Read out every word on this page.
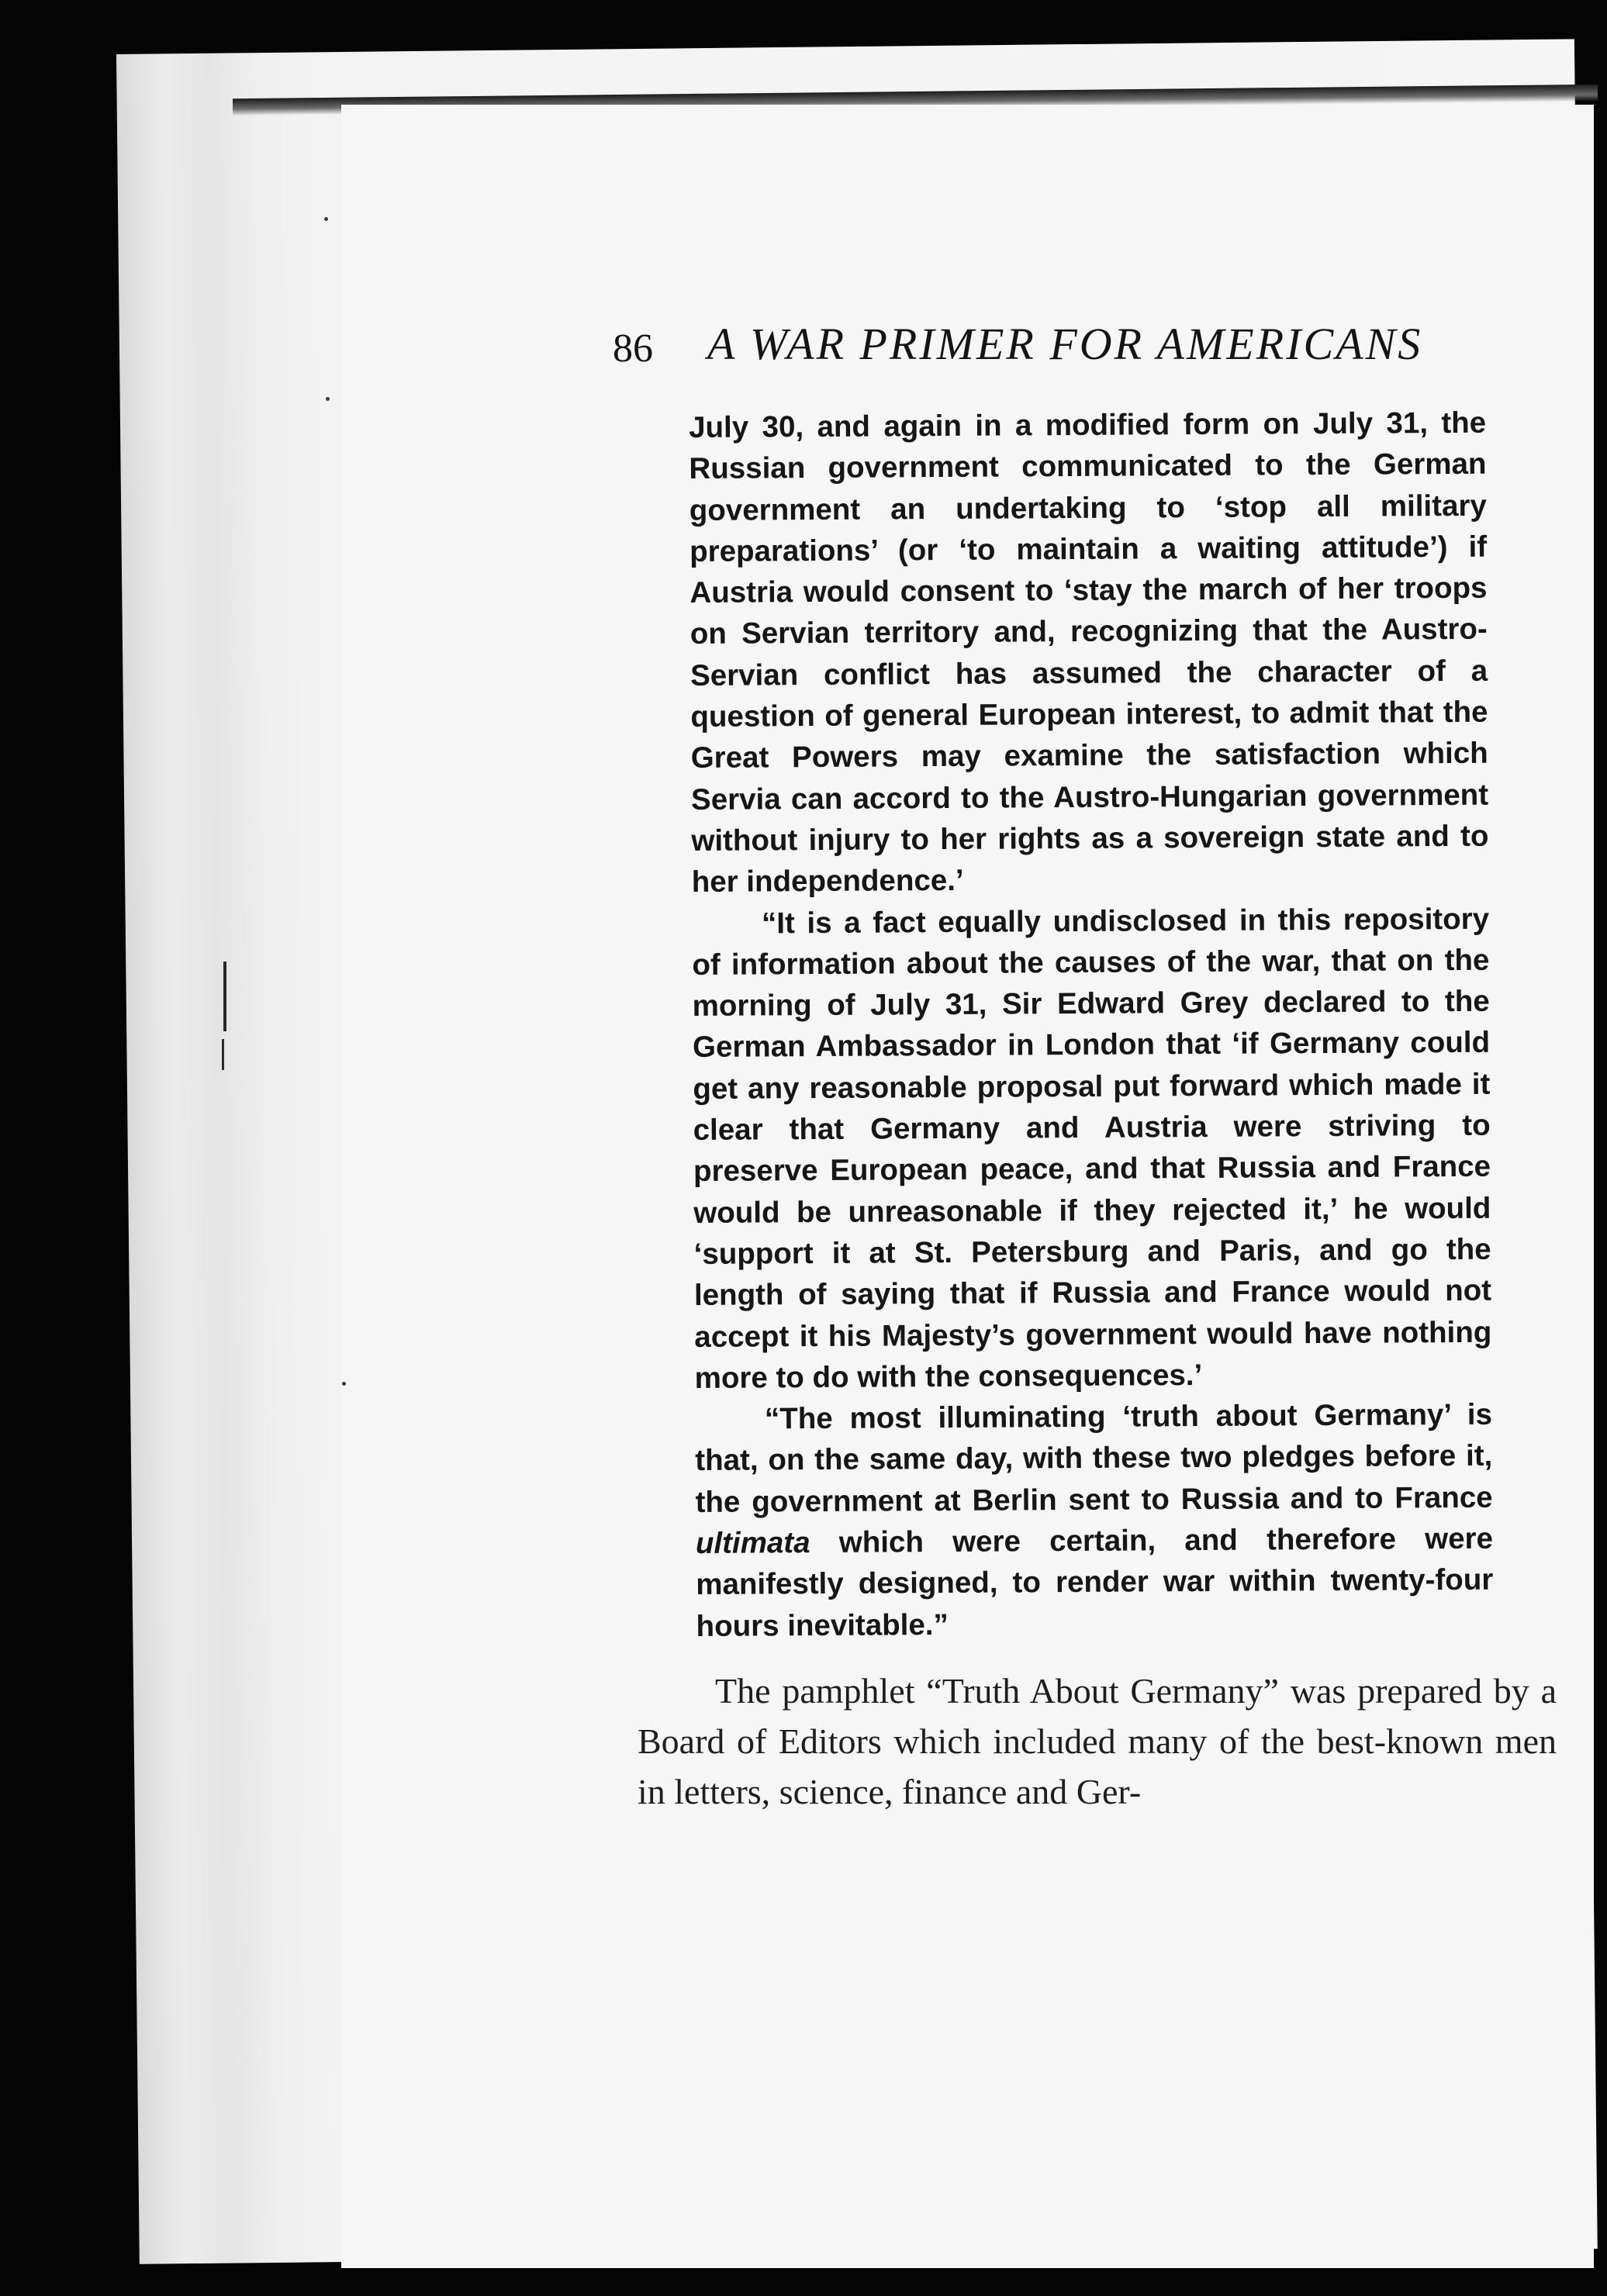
86 A WAR PRIMER FOR AMERICANS

July 30, and again in a modified form on July 31, the Russian government communicated to the German government an undertaking to ‘stop all military preparations’ (or ‘to maintain a waiting attitude’) if Austria would consent to ‘stay the march of her troops on Servian territory and, recognizing that the Austro-Servian conflict has assumed the character of a question of general European interest, to admit that the Great Powers may examine the satisfaction which Servia can accord to the Austro-Hungarian government without injury to her rights as a sovereign state and to her independence.’

“It is a fact equally undisclosed in this repository of information about the causes of the war, that on the morning of July 31, Sir Edward Grey declared to the German Ambassador in London that ‘if Germany could get any reasonable proposal put forward which made it clear that Germany and Austria were striving to preserve European peace, and that Russia and France would be unreasonable if they rejected it,’ he would ‘support it at St. Petersburg and Paris, and go the length of saying that if Russia and France would not accept it his Majesty’s government would have nothing more to do with the consequences.’

“The most illuminating ‘truth about Germany’ is that, on the same day, with these two pledges before it, the government at Berlin sent to Russia and to France ultimata which were certain, and therefore were manifestly designed, to render war within twenty-four hours inevitable.”

The pamphlet “Truth About Germany” was prepared by a Board of Editors which included many of the best-known men in letters, science, finance and Ger-
